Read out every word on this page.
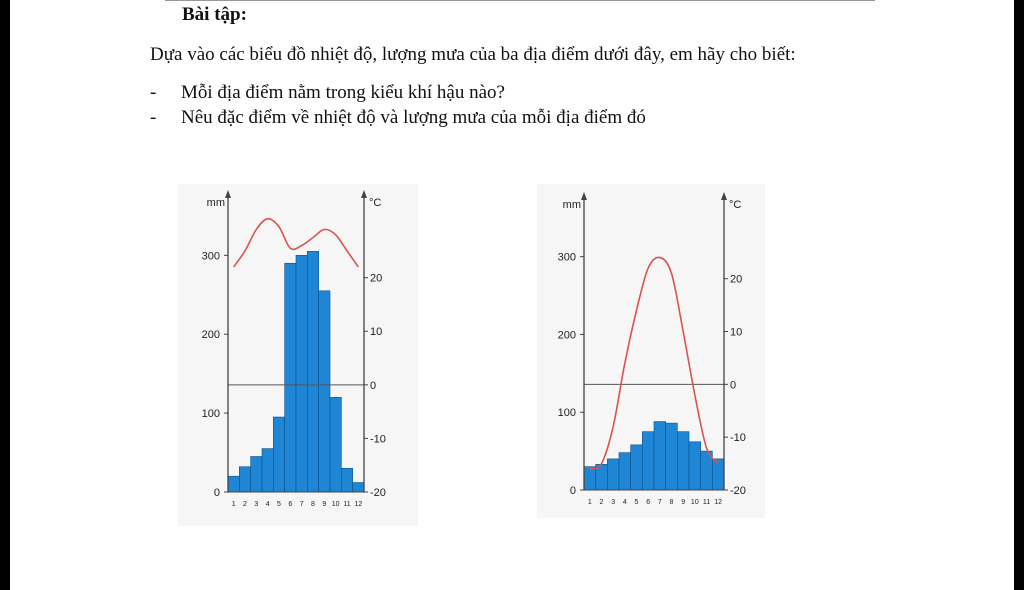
Bài tập:
Dựa vào các biểu đồ nhiệt độ, lượng mưa của ba địa điểm dưới đây, em hãy cho biết:
- Mỗi địa điểm nằm trong kiểu khí hậu nào?
- Nêu đặc điểm về nhiệt độ và lượng mưa của mỗi địa điểm đó
0
100
200
300
mm
-20
-10
0
10
20
°C
1 2 3 4 5 6 7 8 9 10 11 12
0
100
200
300
mm
-20
-10
0
10
20
°C
1 2 3 4 5 6 7 8 9 10 11 12
